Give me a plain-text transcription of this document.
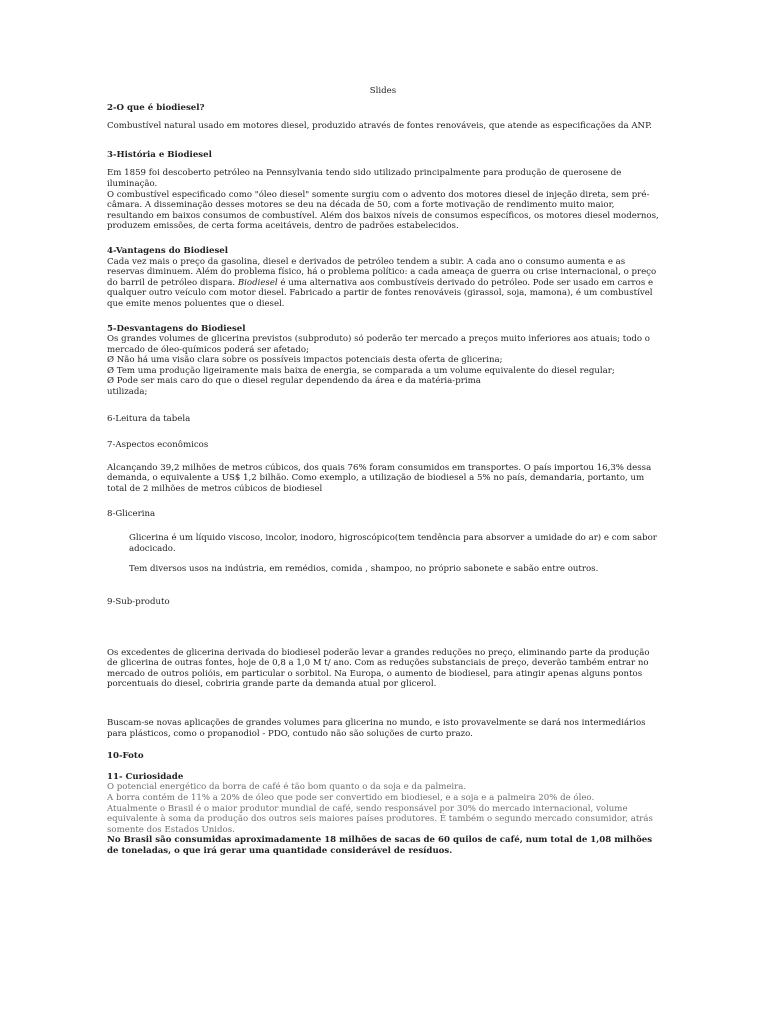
Slides

2-O que é biodiesel?

Combustível natural usado em motores diesel, produzido através de fontes renováveis, que atende as especificações da ANP.

3-História e Biodiesel

Em 1859 foi descoberto petróleo na Pennsylvania tendo sido utilizado principalmente para produção de querosene de iluminação.

O combustível especificado como "óleo diesel" somente surgiu com o advento dos motores diesel de injeção direta, sem pré-câmara. A disseminação desses motores se deu na década de 50, com a forte motivação de rendimento muito maior, resultando em baixos consumos de combustível. Além dos baixos níveis de consumos específicos, os motores diesel modernos, produzem emissões, de certa forma aceitáveis, dentro de padrões estabelecidos.

4-Vantagens do Biodiesel

Cada vez mais o preço da gasolina, diesel e derivados de petróleo tendem a subir. A cada ano o consumo aumenta e as reservas diminuem. Além do problema físico, há o problema político: a cada ameaça de guerra ou crise internacional, o preço do barril de petróleo dispara. Biodiesel é uma alternativa aos combustíveis derivado do petróleo. Pode ser usado em carros e qualquer outro veículo com motor diesel. Fabricado a partir de fontes renováveis (girassol, soja, mamona), é um combustível que emite menos poluentes que o diesel.

5-Desvantagens do Biodiesel

Os grandes volumes de glicerina previstos (subproduto) só poderão ter mercado a preços muito inferiores aos atuais; todo o mercado de óleo-químicos poderá ser afetado;

Ø Não há uma visão clara sobre os possíveis impactos potenciais desta oferta de glicerina;

Ø Tem uma produção ligeiramente mais baixa de energia, se comparada a um volume equivalente do diesel regular;

Ø Pode ser mais caro do que o diesel regular dependendo da área e da matéria-prima

utilizada;

6-Leitura da tabela

7-Aspectos econômicos

Alcançando 39,2 milhões de metros cúbicos, dos quais 76% foram consumidos em transportes. O país importou 16,3% dessa demanda, o equivalente a US$ 1,2 bilhão. Como exemplo, a utilização de biodiesel a 5% no país, demandaria, portanto, um total de 2 milhões de metros cúbicos de biodiesel

8-Glicerina

Glicerina é um líquido viscoso, incolor, inodoro, higroscópico(tem tendência para absorver a umidade do ar) e com sabor adocicado.

Tem diversos usos na indústria, em remédios, comida , shampoo, no próprio sabonete e sabão entre outros.

9-Sub-produto

Os excedentes de glicerina derivada do biodiesel poderão levar a grandes reduções no preço, eliminando parte da produção de glicerina de outras fontes, hoje de 0,8 a 1,0 M t/ ano. Com as reduções substanciais de preço, deverão também entrar no mercado de outros polióis, em particular o sorbitol. Na Europa, o aumento de biodiesel, para atingir apenas alguns pontos porcentuais do diesel, cobriria grande parte da demanda atual por glicerol.

Buscam-se novas aplicações de grandes volumes para glicerina no mundo, e isto provavelmente se dará nos intermediários para plásticos, como o propanodiol - PDO, contudo não são soluções de curto prazo.

10-Foto

11- Curiosidade

O potencial energético da borra de café é tão bom quanto o da soja e da palmeira.

A borra contém de 11% a 20% de óleo que pode ser convertido em biodiesel, e a soja e a palmeira 20% de óleo.

Atualmente o Brasil é o maior produtor mundial de café, sendo responsável por 30% do mercado internacional, volume equivalente à soma da produção dos outros seis maiores países produtores. É também o segundo mercado consumidor, atrás somente dos Estados Unidos.

No Brasil são consumidas aproximadamente 18 milhões de sacas de 60 quilos de café, num total de 1,08 milhões de toneladas, o que irá gerar uma quantidade considerável de resíduos.
